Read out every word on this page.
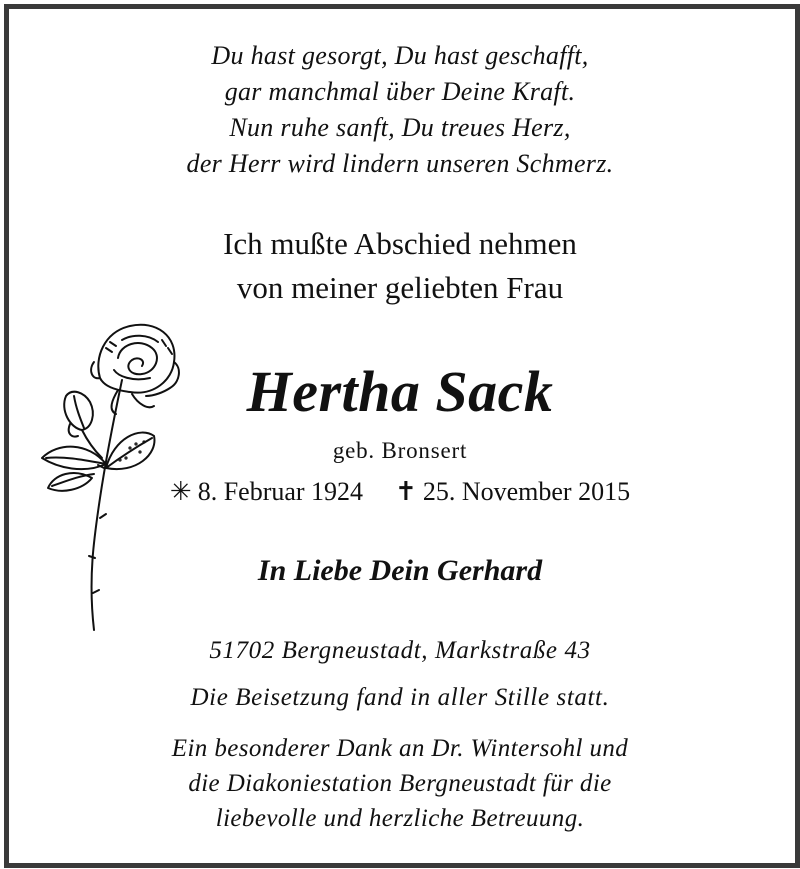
Du hast gesorgt, Du hast geschafft,
gar manchmal über Deine Kraft.
Nun ruhe sanft, Du treues Herz,
der Herr wird lindern unseren Schmerz.
Ich mußte Abschied nehmen
von meiner geliebten Frau
Hertha Sack
geb. Bronsert
✳ 8. Februar 1924 ✝ 25. November 2015
In Liebe Dein Gerhard
51702 Bergneustadt, Markstraße 43
Die Beisetzung fand in aller Stille statt.
Ein besonderer Dank an Dr. Wintersohl und
die Diakoniestation Bergneustadt für die
liebevolle und herzliche Betreuung.
